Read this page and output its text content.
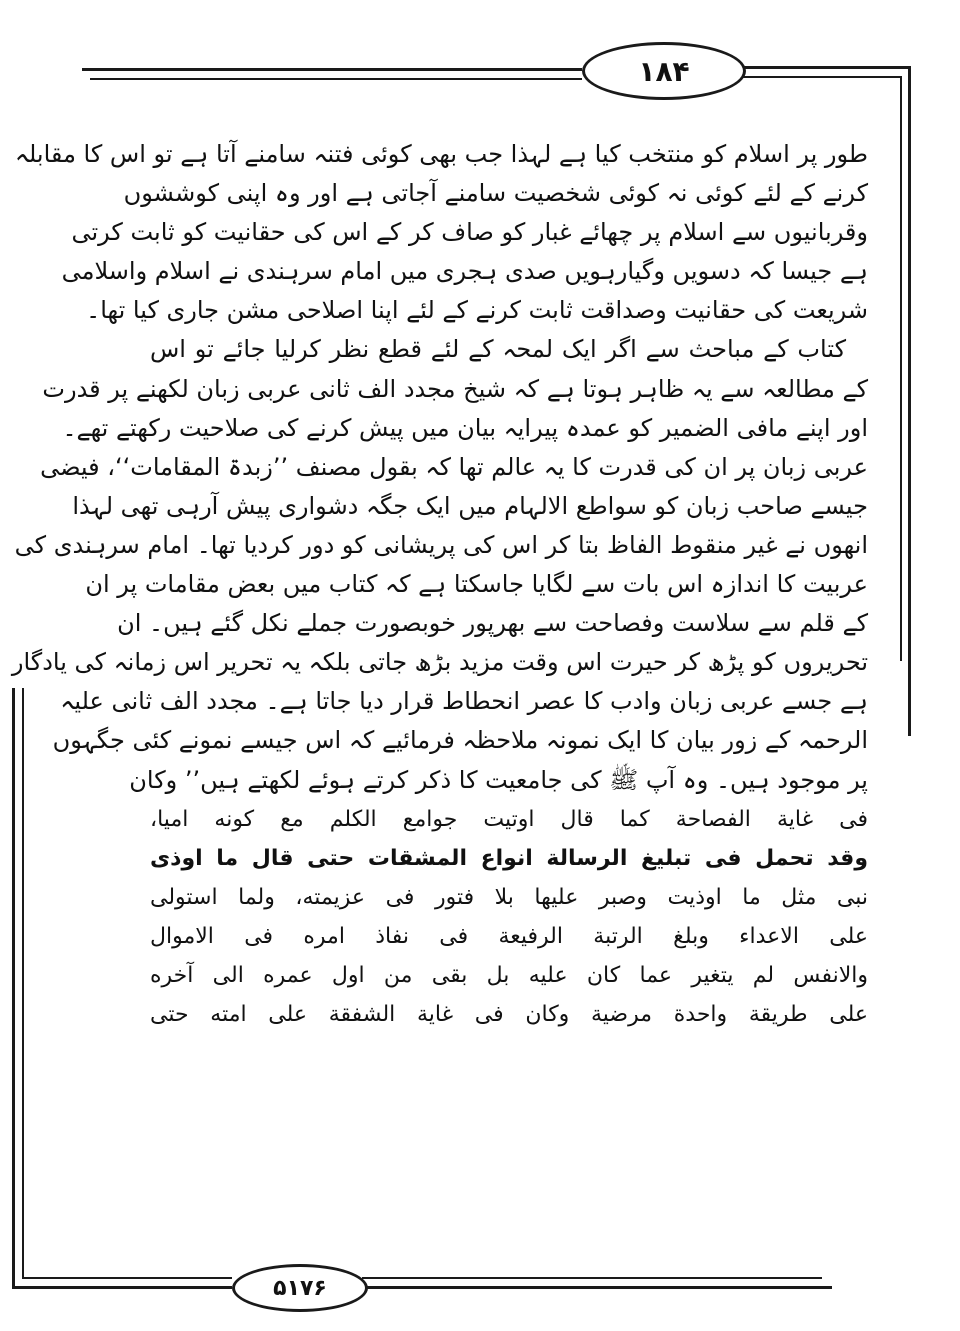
۱۸۴
طور پر اسلام کو منتخب کیا ہے لہذا جب بھی کوئی فتنہ سامنے آتا ہے تو اس کا مقابلہ
کرنے کے لئے کوئی نہ کوئی شخصیت سامنے آجاتی ہے اور وہ اپنی کوششوں
وقربانیوں سے اسلام پر چھائے غبار کو صاف کر کے اس کی حقانیت کو ثابت کرتی
ہے جیسا کہ دسویں وگیارہویں صدی ہجری میں امام سرہندی نے اسلام واسلامی
شریعت کی حقانیت وصداقت ثابت کرنے کے لئے اپنا اصلاحی مشن جاری کیا تھا۔
کتاب کے مباحث سے اگر ایک لمحہ کے لئے قطع نظر کرلیا جائے تو اس
کے مطالعہ سے یہ ظاہر ہوتا ہے کہ شیخ مجدد الف ثانی عربی زبان لکھنے پر قدرت
اور اپنے مافی الضمیر کو عمدہ پیرایہ بیان میں پیش کرنے کی صلاحیت رکھتے تھے۔
عربی زبان پر ان کی قدرت کا یہ عالم تھا کہ بقول مصنف ’’زبدۃ المقامات‘‘، فیضی
جیسے صاحب زبان کو سواطع الالہام میں ایک جگہ دشواری پیش آرہی تھی لہذا
انھوں نے غیر منقوط الفاظ بتا کر اس کی پریشانی کو دور کردیا تھا۔ امام سرہندی کی
عربیت کا اندازہ اس بات سے لگایا جاسکتا ہے کہ کتاب میں بعض مقامات پر ان
کے قلم سے سلاست وفصاحت سے بھرپور خوبصورت جملے نکل گئے ہیں۔ ان
تحریروں کو پڑھ کر حیرت اس وقت مزید بڑھ جاتی بلکہ یہ تحریر اس زمانہ کی یادگار
ہے جسے عربی زبان وادب کا عصر انحطاط قرار دیا جاتا ہے۔ مجدد الف ثانی علیہ
الرحمہ کے زور بیان کا ایک نمونہ ملاحظہ فرمائیے کہ اس جیسے نمونے کئی جگہوں
پر موجود ہیں۔ وہ آپ ﷺ کی جامعیت کا ذکر کرتے ہوئے لکھتے ہیں’’ وکان
فی غاية الفصاحة كما قال اوتيت جوامع الكلم مع كونه اميا،
وقد تحمل فی تبليغ الرسالة انواع المشقات حتی قال ما اوذی
نبی مثل ما اوذيت وصبر عليها بلا فتور فی عزيمته، ولما استولی
علی الاعداء وبلغ الرتبة الرفيعة فی نفاذ امره فی الاموال
والانفس لم يتغير عما كان عليه بل بقی من اول عمره الی آخره
علی طريقة واحدة مرضية وكان فی غاية الشفقة علی امته حتی
۵۱۷۶
